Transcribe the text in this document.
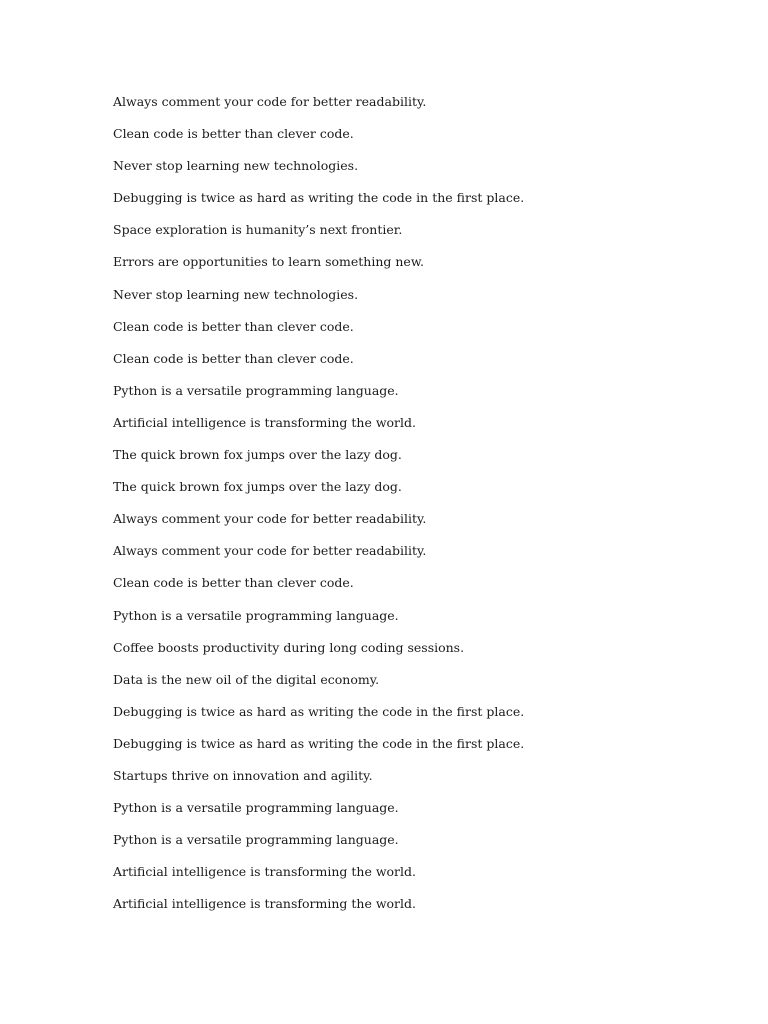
Always comment your code for better readability.

Clean code is better than clever code.

Never stop learning new technologies.

Debugging is twice as hard as writing the code in the first place.

Space exploration is humanity’s next frontier.

Errors are opportunities to learn something new.

Never stop learning new technologies.

Clean code is better than clever code.

Clean code is better than clever code.

Python is a versatile programming language.

Artificial intelligence is transforming the world.

The quick brown fox jumps over the lazy dog.

The quick brown fox jumps over the lazy dog.

Always comment your code for better readability.

Always comment your code for better readability.

Clean code is better than clever code.

Python is a versatile programming language.

Coffee boosts productivity during long coding sessions.

Data is the new oil of the digital economy.

Debugging is twice as hard as writing the code in the first place.

Debugging is twice as hard as writing the code in the first place.

Startups thrive on innovation and agility.

Python is a versatile programming language.

Python is a versatile programming language.

Artificial intelligence is transforming the world.

Artificial intelligence is transforming the world.
